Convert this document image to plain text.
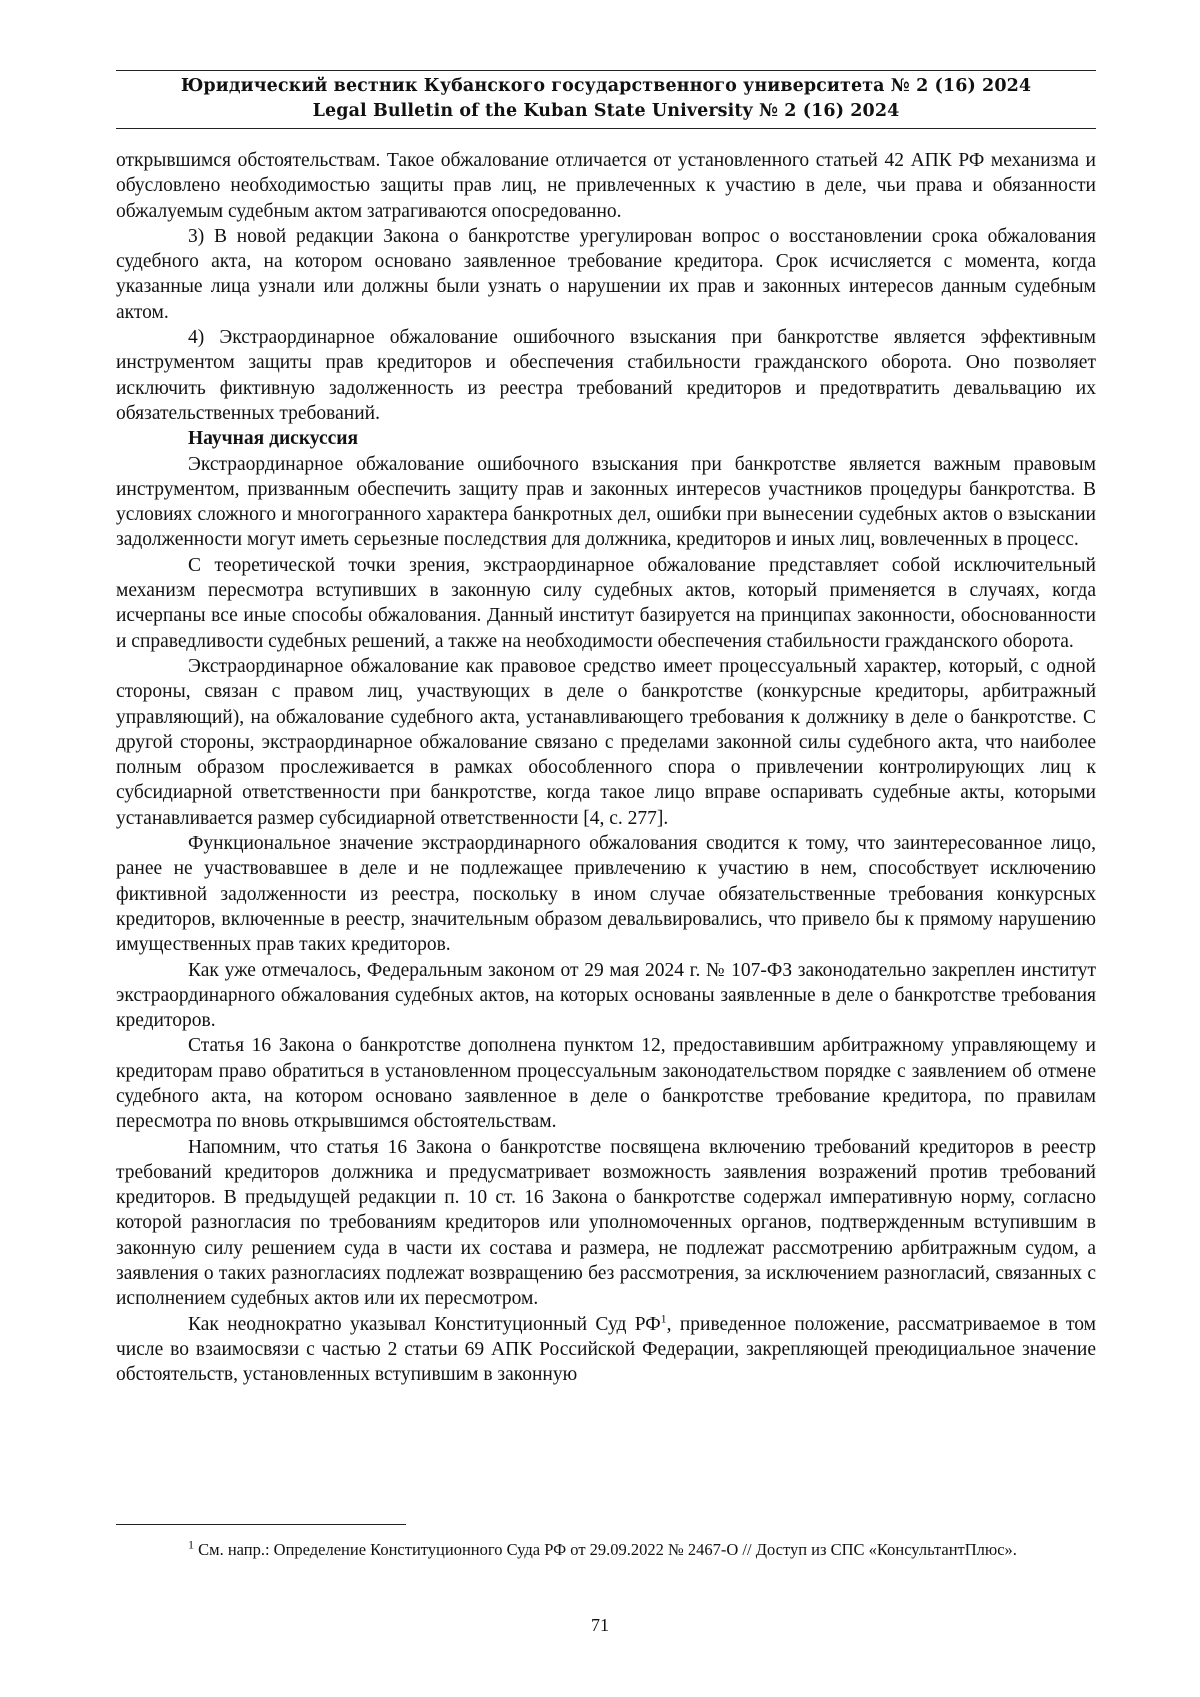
Юридический вестник Кубанского государственного университета № 2 (16) 2024
Legal Bulletin of the Kuban State University № 2 (16) 2024

открывшимся обстоятельствам. Такое обжалование отличается от установленного статьей 42 АПК РФ механизма и обусловлено необходимостью защиты прав лиц, не привлеченных к участию в деле, чьи права и обязанности обжалуемым судебным актом затрагиваются опосредованно.

3) В новой редакции Закона о банкротстве урегулирован вопрос о восстановлении срока обжалования судебного акта, на котором основано заявленное требование кредитора. Срок исчисляется с момента, когда указанные лица узнали или должны были узнать о нарушении их прав и законных интересов данным судебным актом.

4) Экстраординарное обжалование ошибочного взыскания при банкротстве является эффективным инструментом защиты прав кредиторов и обеспечения стабильности гражданского оборота. Оно позволяет исключить фиктивную задолженность из реестра требований кредиторов и предотвратить девальвацию их обязательственных требований.

Научная дискуссия

Экстраординарное обжалование ошибочного взыскания при банкротстве является важным правовым инструментом, призванным обеспечить защиту прав и законных интересов участников процедуры банкротства. В условиях сложного и многогранного характера банкротных дел, ошибки при вынесении судебных актов о взыскании задолженности могут иметь серьезные последствия для должника, кредиторов и иных лиц, вовлеченных в процесс.

С теоретической точки зрения, экстраординарное обжалование представляет собой исключительный механизм пересмотра вступивших в законную силу судебных актов, который применяется в случаях, когда исчерпаны все иные способы обжалования. Данный институт базируется на принципах законности, обоснованности и справедливости судебных решений, а также на необходимости обеспечения стабильности гражданского оборота.

Экстраординарное обжалование как правовое средство имеет процессуальный характер, который, с одной стороны, связан с правом лиц, участвующих в деле о банкротстве (конкурсные кредиторы, арбитражный управляющий), на обжалование судебного акта, устанавливающего требования к должнику в деле о банкротстве. С другой стороны, экстраординарное обжалование связано с пределами законной силы судебного акта, что наиболее полным образом прослеживается в рамках обособленного спора о привлечении контролирующих лиц к субсидиарной ответственности при банкротстве, когда такое лицо вправе оспаривать судебные акты, которыми устанавливается размер субсидиарной ответственности [4, с. 277].

Функциональное значение экстраординарного обжалования сводится к тому, что заинтересованное лицо, ранее не участвовавшее в деле и не подлежащее привлечению к участию в нем, способствует исключению фиктивной задолженности из реестра, поскольку в ином случае обязательственные требования конкурсных кредиторов, включенные в реестр, значительным образом девальвировались, что привело бы к прямому нарушению имущественных прав таких кредиторов.

Как уже отмечалось, Федеральным законом от 29 мая 2024 г. № 107-ФЗ законодательно закреплен институт экстраординарного обжалования судебных актов, на которых основаны заявленные в деле о банкротстве требования кредиторов.

Статья 16 Закона о банкротстве дополнена пунктом 12, предоставившим арбитражному управляющему и кредиторам право обратиться в установленном процессуальным законодательством порядке с заявлением об отмене судебного акта, на котором основано заявленное в деле о банкротстве требование кредитора, по правилам пересмотра по вновь открывшимся обстоятельствам.

Напомним, что статья 16 Закона о банкротстве посвящена включению требований кредиторов в реестр требований кредиторов должника и предусматривает возможность заявления возражений против требований кредиторов. В предыдущей редакции п. 10 ст. 16 Закона о банкротстве содержал императивную норму, согласно которой разногласия по требованиям кредиторов или уполномоченных органов, подтвержденным вступившим в законную силу решением суда в части их состава и размера, не подлежат рассмотрению арбитражным судом, а заявления о таких разногласиях подлежат возвращению без рассмотрения, за исключением разногласий, связанных с исполнением судебных актов или их пересмотром.

Как неоднократно указывал Конституционный Суд $РФ^1$, приведенное положение, рассматриваемое в том числе во взаимосвязи с частью 2 статьи 69 АПК Российской Федерации, закрепляющей преюдициальное значение обстоятельств, установленных вступившим в законную

$^1$ См. напр.: Определение Конституционного Суда РФ от 29.09.2022 № 2467-О // Доступ из СПС «КонсультантПлюс».

71
